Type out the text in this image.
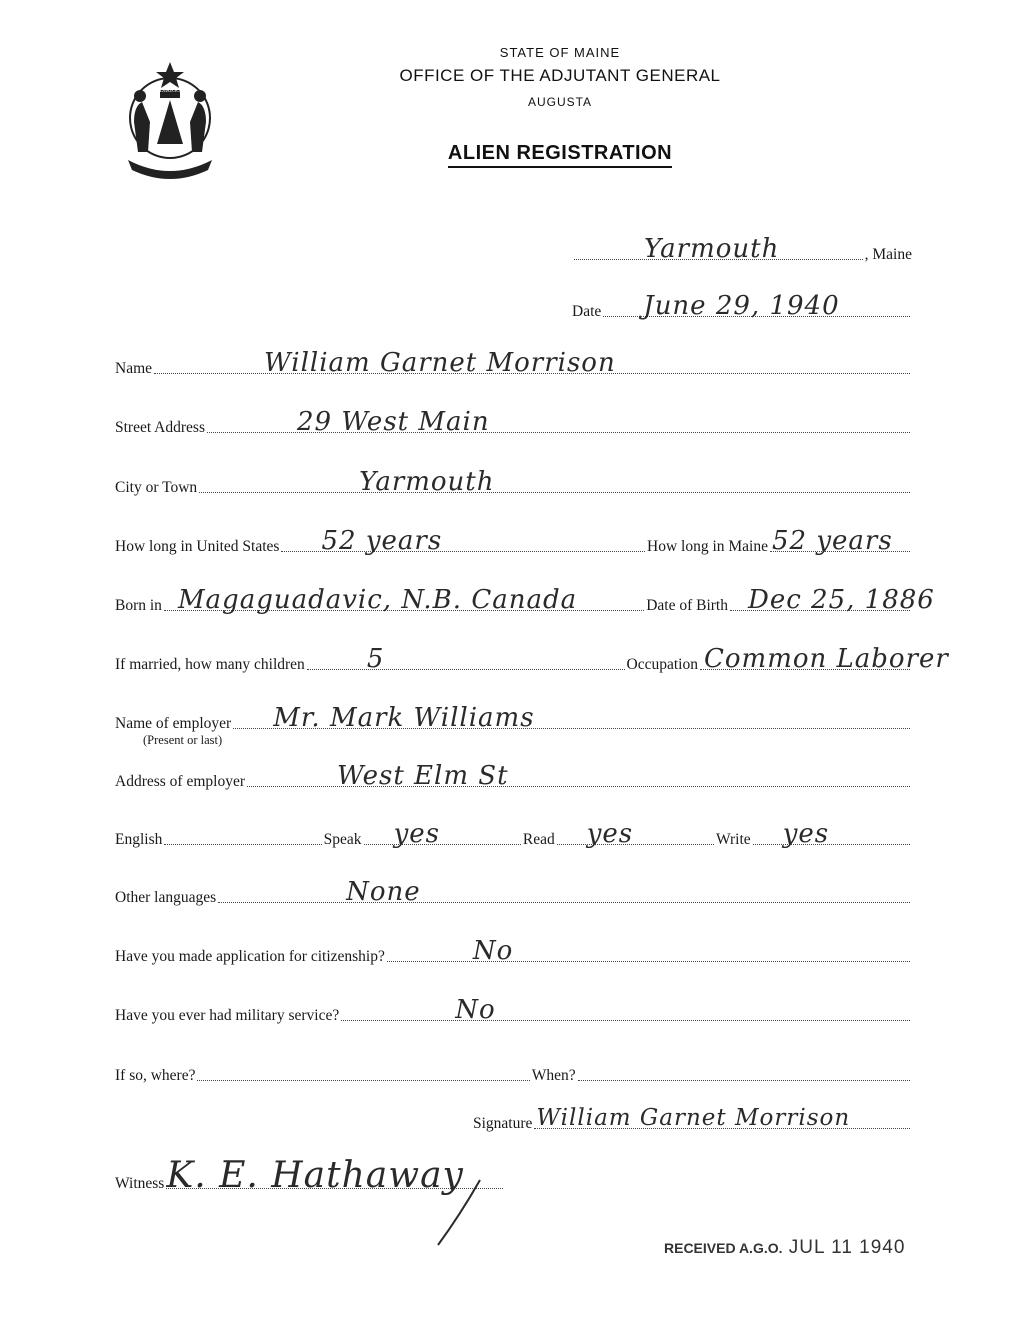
MAINE
DIRIGO
STATE OF MAINE
OFFICE OF THE ADJUTANT GENERAL
AUGUSTA
ALIEN REGISTRATION
Yarmouth	, Maine
Date June 29, 1940
Name	William Garnet Morrison
Street Address	29 West Main
City or Town	Yarmouth
How long in United States 52 years	How long in Maine 52 years
Born in Magaguadavic, N.B. Canada	Date of Birth Dec 25, 1886
If married, how many children 5	Occupation Common Laborer
Name of employer Mr. Mark Williams
(Present or last)
Address of employer	West Elm St
English	Speak yes	Read yes	Write yes
Other languages	None
Have you made application for citizenship?	No
Have you ever had military service?	No
If so, where?	When?
Signature William Garnet Morrison
Witness K. E. Hathaway
RECEIVED A.G.O. JUL 11 1940
